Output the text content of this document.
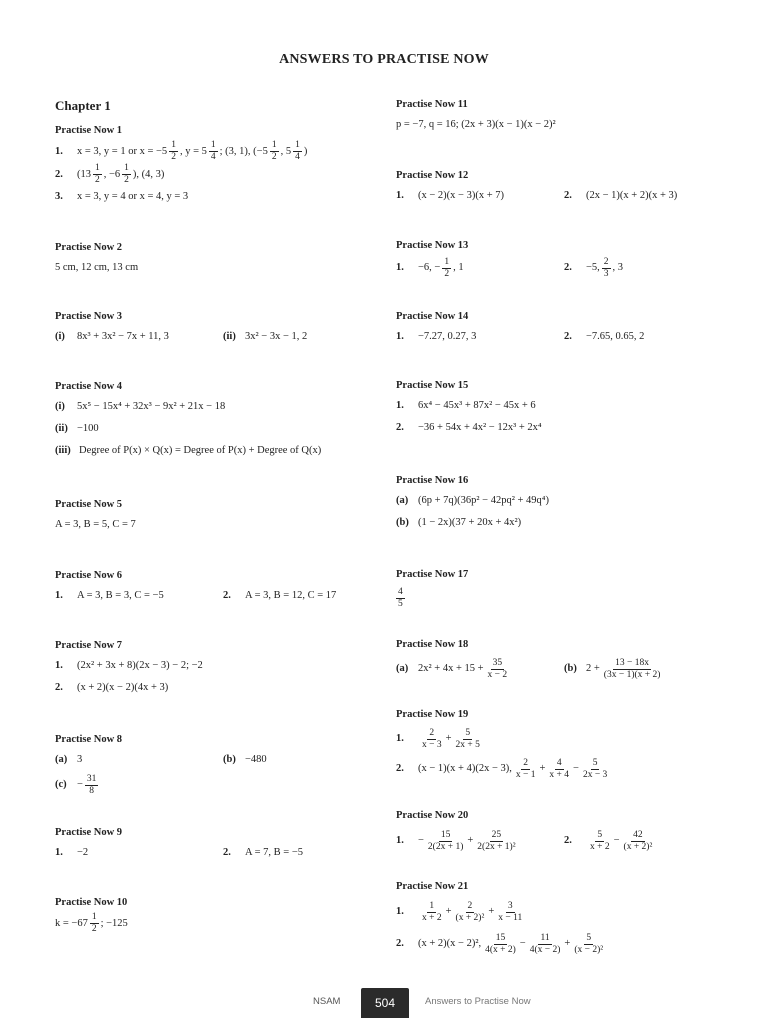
ANSWERS TO PRACTISE NOW
Chapter 1
Practise Now 1
1.	x = 3, y = 1 or $x = -5 \frac{1}{2}$ , $y = 5 \frac{1}{4}$ ; (3, 1), ($-5 \frac{1}{2}$ , $5 \frac{1}{4}$ )
2.	($13 \frac{1}{2}$ , $-6 \frac{1}{2}$ ), (4, 3)
3.	x = 3, y = 4 or x = 4, y = 3
Practise Now 2
5 cm, 12 cm, 13 cm
Practise Now 3
(i)	8x³ + 3x² − 7x + 11, 3	(ii) 3x² − 3x − 1, 2
Practise Now 4
(i)	5x⁵ − 15x⁴ + 32x³ − 9x² + 21x − 18
(ii) −100
(iii) Degree of P(x) × Q(x) = Degree of P(x) + Degree of Q(x)
Practise Now 5
A = 3, B = 5, C = 7
Practise Now 6
1.	A = 3, B = 3, C = −5	2.	A = 3, B = 12, C = 17
Practise Now 7
1.	(2x² + 3x + 8)(2x − 3) − 2; −2
2.	(x + 2)(x − 2)(4x + 3)
Practise Now 8
(a) 3	(b) −480
$(c) - \frac{31}{8}$
Practise Now 9
1.	−2	2.	A = 7, B = −5
Practise Now 10
$k = -67 \frac{1}{2}$ ; −125
Practise Now 11
p = −7, q = 16; (2x + 3)(x − 1)(x − 2)²
Practise Now 12
1.	(x − 2)(x − 3)(x + 7)	2.	(2x − 1)(x + 2)(x + 3)
Practise Now 13
1.	−6, − $\frac{1}{2}$ , 1	2.	−5, $\frac{2}{3}$ , 3
Practise Now 14
1.	−7.27, 0.27, 3	2.	−7.65, 0.65, 2
Practise Now 15
1.	6x⁴ − 45x³ + 87x² − 45x + 6
2.	−36 + 54x + 4x² − 12x³ + 2x⁴
Practise Now 16
(a) (6p + 7q)(36p² − 42pq² + 49q⁴)
(b) (1 − 2x)(37 + 20x + 4x²)
Practise Now 17
$\frac{4}{5}$
Practise Now 18
(a) $2x^2 + 4x + 15 + \frac{35}{x - 2}$	(b) $2 + \frac{13 - 18x}{(3x - 1)(x + 2)}$
Practise Now 19
1.	$\frac{2}{x - 3} + \frac{5}{2x + 5}$
2.	(x − 1)(x + 4)(2x − 3), $\frac{2}{x - 1} + \frac{4}{x + 4} - \frac{5}{2x - 3}$
Practise Now 20
1.	− $\frac{15}{2(2x + 1)} + \frac{25}{\text{2(2x + 1)²}}$	2.	$\frac{5}{x + 2} - \frac{42}{\text{(x + 2)²}}$
Practise Now 21
1.	$\frac{1}{x + 2} + \frac{2}{\text{(x + 2)²}} + \frac{3}{x - 11}$
2.	(x + 2)(x − 2)², $\frac{15}{4(x + 2)} - \frac{11}{4(x - 2)} + \frac{5}{\text{(x − 2)²}}$
NSAM	504	Answers to Practise Now
